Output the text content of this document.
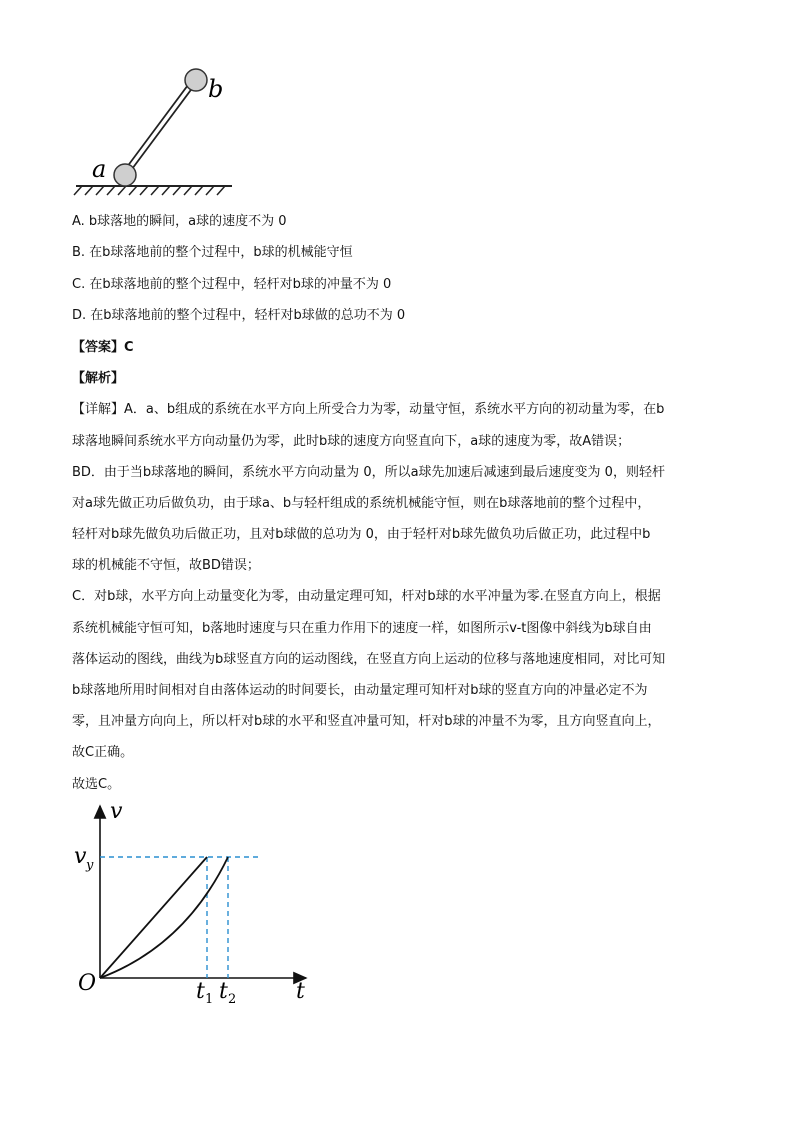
a
b
A. b球落地的瞬间，a球的速度不为 0
B. 在b球落地前的整个过程中，b球的机械能守恒
C. 在b球落地前的整个过程中，轻杆对b球的冲量不为 0
D. 在b球落地前的整个过程中，轻杆对b球做的总功不为 0
【答案】C
【解析】
【详解】A．a、b组成的系统在水平方向上所受合力为零，动量守恒，系统水平方向的初动量为零，在b
球落地瞬间系统水平方向动量仍为零，此时b球的速度方向竖直向下，a球的速度为零，故A错误；
BD．由于当b球落地的瞬间，系统水平方向动量为 0，所以a球先加速后减速到最后速度变为 0，则轻杆
对a球先做正功后做负功，由于球a、b与轻杆组成的系统机械能守恒，则在b球落地前的整个过程中，
轻杆对b球先做负功后做正功，且对b球做的总功为 0，由于轻杆对b球先做负功后做正功，此过程中b
球的机械能不守恒，故BD错误；
C．对b球，水平方向上动量变化为零，由动量定理可知，杆对b球的水平冲量为零.在竖直方向上，根据
系统机械能守恒可知，b落地时速度与只在重力作用下的速度一样，如图所示v-t图像中斜线为b球自由
落体运动的图线，曲线为b球竖直方向的运动图线，在竖直方向上运动的位移与落地速度相同，对比可知
b球落地所用时间相对自由落体运动的时间要长，由动量定理可知杆对b球的竖直方向的冲量必定不为
零，且冲量方向向上，所以杆对b球的水平和竖直冲量可知，杆对b球的冲量不为零，且方向竖直向上，
故C正确。
故选C。
v
t
O
v y
t 1 t 2
